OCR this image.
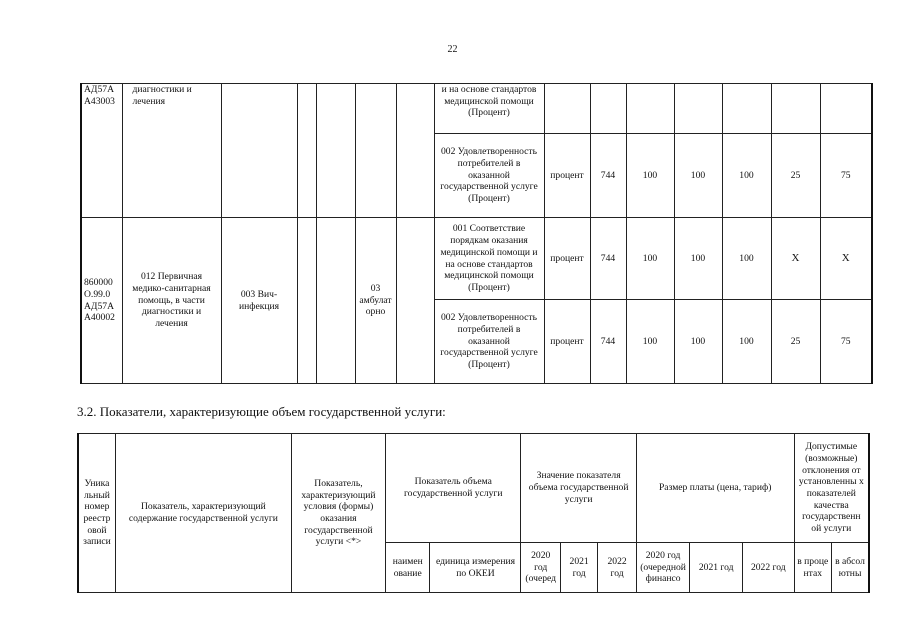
22
АД57А А43003	диагностики и лечения						и на основе стандартов медицинской помощи (Процент)							
							002 Удовлетворенность потребителей в оказанной государственной услуге (Процент)	процент	744	100	100	100	25	75
860000 О.99.0 АД57А А40002	012 Первичная медико-санитарная помощь, в части диагностики и лечения	003 Вич-инфекция			03 амбулат орно		001 Соответствие порядкам оказания медицинской помощи и на основе стандартов медицинской помощи (Процент)	процент	744	100	100	100	Х	Х
							002 Удовлетворенность потребителей в оказанной государственной услуге (Процент)	процент	744	100	100	100	25	75
3.2. Показатели, характеризующие объем государственной услуги:
Уника льный номер реестр овой записи	Показатель, характеризующий содержание государственной услуги	Показатель, характеризующий условия (формы) оказания государственной услуги <*>	Показатель объема государственной услуги		Значение показателя объема государственной услуги			Размер платы (цена, тариф)			Допустимые (возможные) отклонения от установленны х показателей качества государственн ой услуги	
			наимен ование	единица измерения по ОКЕИ	2020 год (очеред	2021 год	2022 год	2020 год (очередной финансо	2021 год	2022 год	в проце нтах	в абсол ютны
